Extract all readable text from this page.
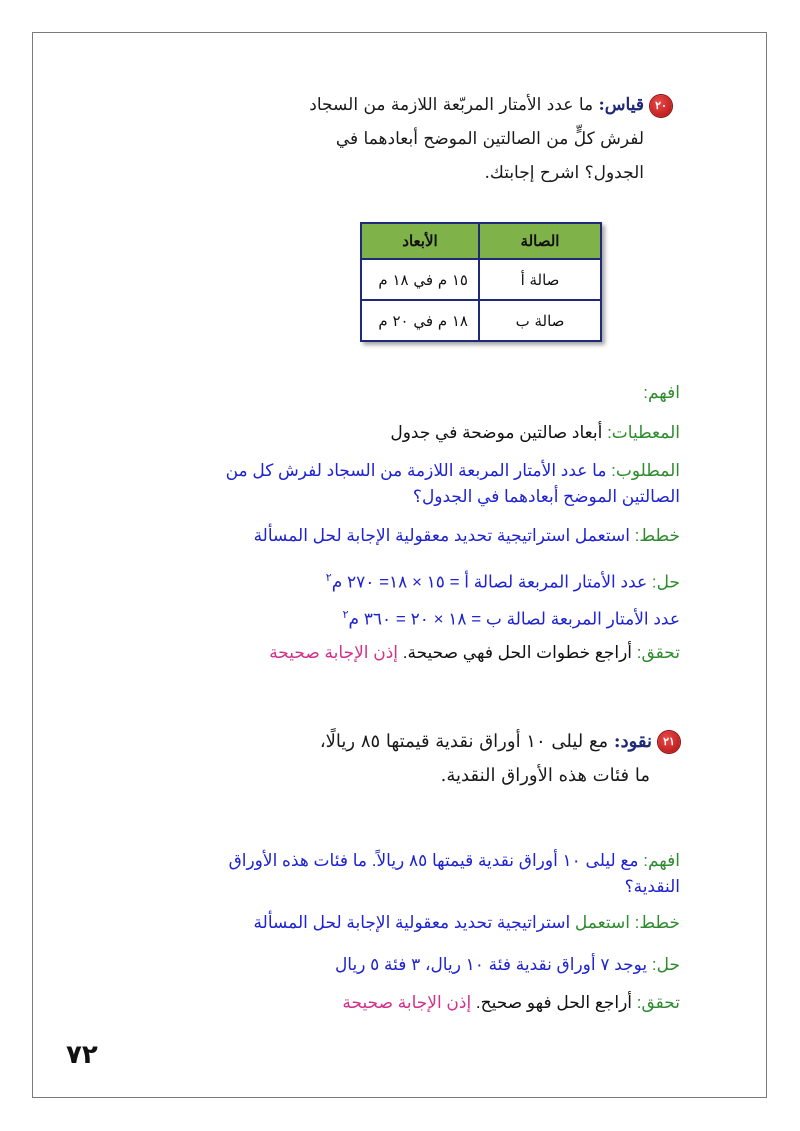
٢٠قياس: ما عدد الأمتار المربّعة اللازمة من السجاد
لفرش كلٍّ من الصالتين الموضح أبعادهما في
الجدول؟ اشرح إجابتك.
الصالة	الأبعاد
صالة أ	١٥ م في ١٨ م
صالة ب	١٨ م في ٢٠ م
افهم:
المعطيات: أبعاد صالتين موضحة في جدول
المطلوب: ما عدد الأمتار المربعة اللازمة من السجاد لفرش كل من
الصالتين الموضح أبعادهما في الجدول؟
خطط: استعمل استراتيجية تحديد معقولية الإجابة لحل المسألة
حل: عدد الأمتار المربعة لصالة أ = ١٥ × ١٨= ٢٧٠ م$^٢$
عدد الأمتار المربعة لصالة ب = ١٨ × ٢٠ = ٣٦٠ م$^٢$
تحقق: أراجع خطوات الحل فهي صحيحة. إذن الإجابة صحيحة
٢١نقود: مع ليلى ١٠ أوراق نقدية قيمتها ٨٥ ريالًا،
ما فئات هذه الأوراق النقدية.
افهم: مع ليلى ١٠ أوراق نقدية قيمتها ٨٥ ريالاً. ما فئات هذه الأوراق
النقدية؟
خطط: استعمل استراتيجية تحديد معقولية الإجابة لحل المسألة
حل: يوجد ٧ أوراق نقدية فئة ١٠ ريال، ٣ فئة ٥ ريال
تحقق: أراجع الحل فهو صحيح. إذن الإجابة صحيحة
٧٢
